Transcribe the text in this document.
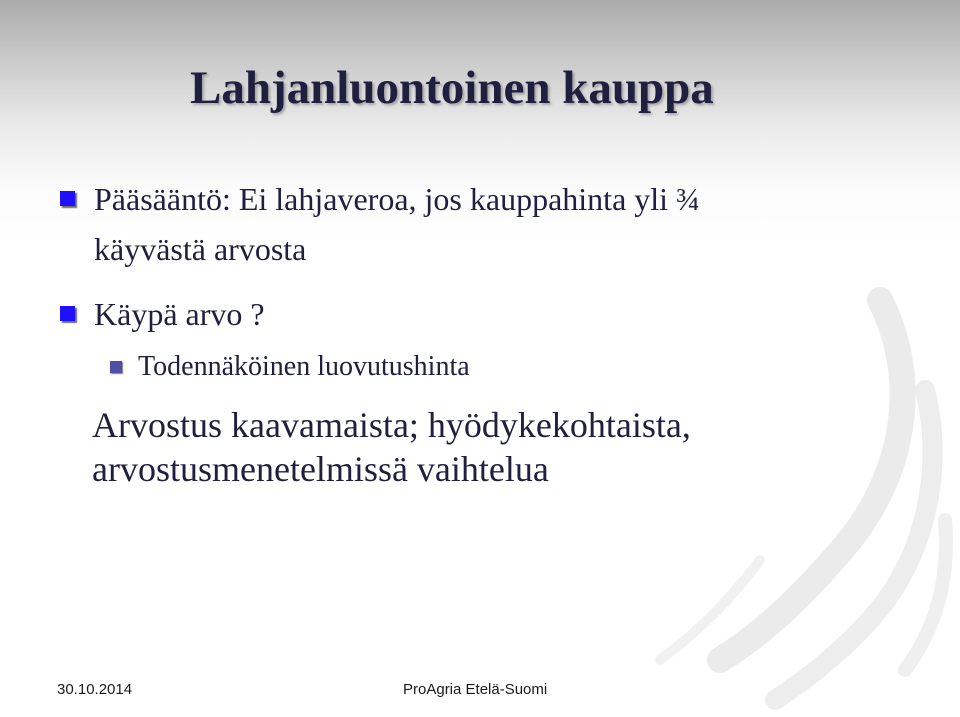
Lahjanluontoinen kauppa
Pääsääntö: Ei lahjaveroa, jos kauppahinta yli ¾
käyvästä arvosta
Käypä arvo ?
Todennäköinen luovutushinta
Arvostus kaavamaista; hyödykekohtaista,
arvostusmenetelmissä vaihtelua
30.10.2014	ProAgria Etelä-Suomi
